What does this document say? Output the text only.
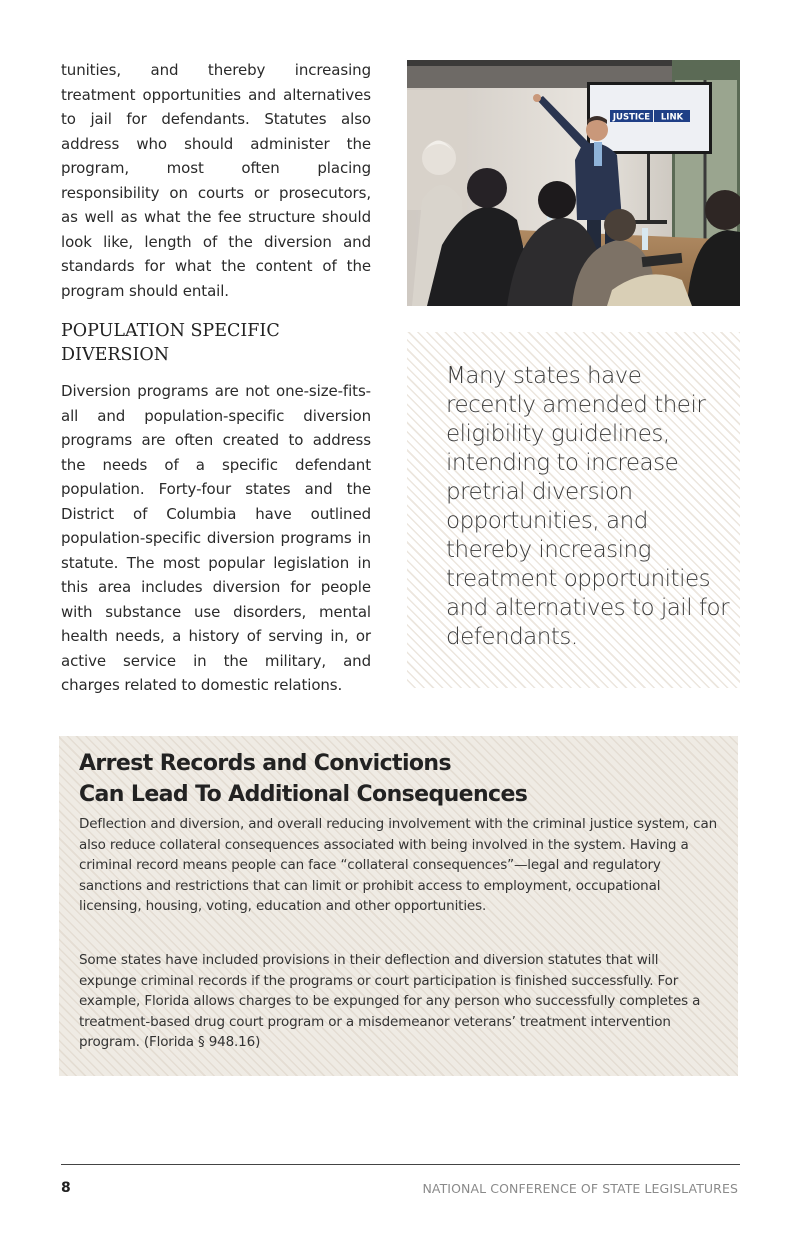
tunities, and thereby increasing treatment opportunities and alternatives to jail for defendants. Statutes also address who should administer the program, most often placing responsibility on courts or prosecutors, as well as what the fee structure should look like, length of the diversion and standards for what the content of the program should entail.

POPULATION SPECIFIC DIVERSION

Diversion programs are not one-size-fits-all and population-specific diversion programs are often created to address the needs of a specific defendant population. Forty-four states and the District of Columbia have outlined population-specific diversion programs in statute. The most popular legislation in this area includes diversion for people with substance use disorders, mental health needs, a history of serving in, or active service in the military, and charges related to domestic relations.

JUSTICE LINK

Many states have recently amended their eligibility guidelines, intending to increase pretrial diversion opportunities, and thereby increasing treatment opportunities and alternatives to jail for defendants.

Arrest Records and Convictions
Can Lead To Additional Consequences

Deflection and diversion, and overall reducing involvement with the criminal justice system, can also reduce collateral consequences associated with being involved in the system. Having a criminal record means people can face “collateral consequences”—legal and regulatory sanctions and restrictions that can limit or prohibit access to employment, occupational licensing, housing, voting, education and other opportunities.

Some states have included provisions in their deflection and diversion statutes that will expunge criminal records if the programs or court participation is finished successfully. For example, Florida allows charges to be expunged for any person who successfully completes a treatment-based drug court program or a misdemeanor veterans’ treatment intervention program. (Florida § 948.16)

8	NATIONAL CONFERENCE OF STATE LEGISLATURES
